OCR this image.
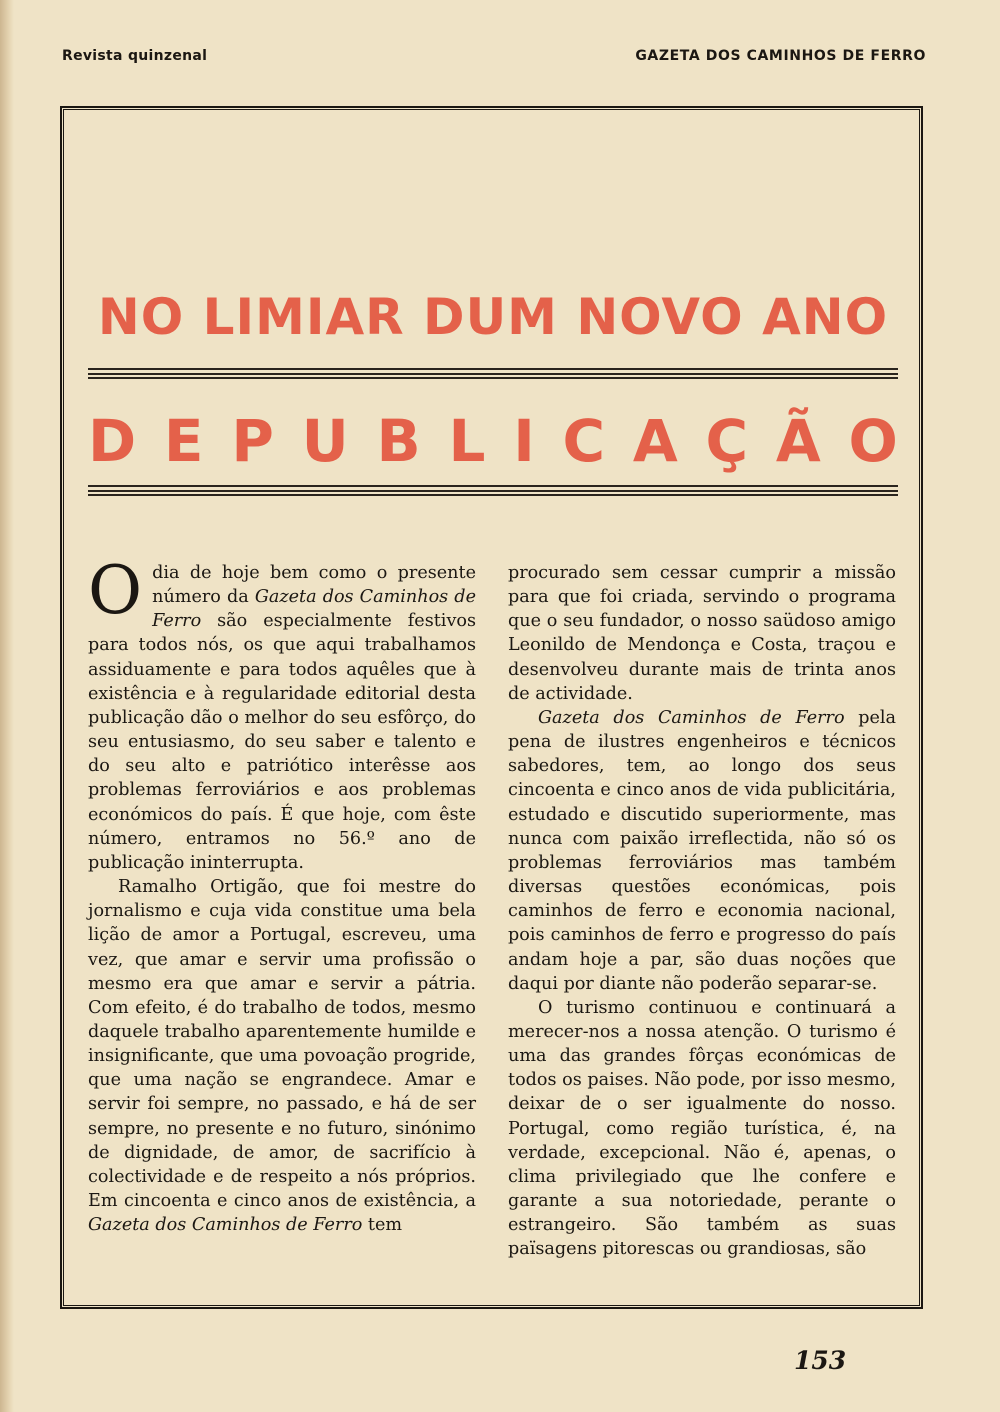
Revista quinzenal	GAZETA DOS CAMINHOS DE FERRO
NO LIMIAR DUM NOVO ANO
D E P U B L I C A Ç Ã O

Odia de hoje bem como o presente número da Gazeta dos Caminhos de Ferro são especialmente festivos para todos nós, os que aqui trabalhamos assiduamente e para todos aquêles que à existência e à regularidade editorial desta publicação dão o melhor do seu esfôrço, do seu entusiasmo, do seu saber e talento e do seu alto e patriótico interêsse aos problemas ferroviários e aos problemas económicos do país. É que hoje, com êste número, entramos no 56.º ano de publicação ininterrupta.

Ramalho Ortigão, que foi mestre do jornalismo e cuja vida constitue uma bela lição de amor a Portugal, escreveu, uma vez, que amar e servir uma profissão o mesmo era que amar e servir a pátria. Com efeito, é do trabalho de todos, mesmo daquele trabalho aparentemente humilde e insignificante, que uma povoação progride, que uma nação se engrandece. Amar e servir foi sempre, no passado, e há de ser sempre, no presente e no futuro, sinónimo de dignidade, de amor, de sacrifício à colectividade e de respeito a nós próprios. Em cincoenta e cinco anos de existência, a Gazeta dos Caminhos de Ferro tem

procurado sem cessar cumprir a missão para que foi criada, servindo o programa que o seu fundador, o nosso saüdoso amigo Leonildo de Mendonça e Costa, traçou e desenvolveu durante mais de trinta anos de actividade.

Gazeta dos Caminhos de Ferro pela pena de ilustres engenheiros e técnicos sabedores, tem, ao longo dos seus cincoenta e cinco anos de vida publicitária, estudado e discutido superiormente, mas nunca com paixão irreflectida, não só os problemas ferroviários mas também diversas questões económicas, pois caminhos de ferro e economia nacional, pois caminhos de ferro e progresso do país andam hoje a par, são duas noções que daqui por diante não poderão separar-se.

O turismo continuou e continuará a merecer-nos a nossa atenção. O turismo é uma das grandes fôrças económicas de todos os paises. Não pode, por isso mesmo, deixar de o ser igualmente do nosso. Portugal, como região turística, é, na verdade, excepcional. Não é, apenas, o clima privilegiado que lhe confere e garante a sua notoriedade, perante o estrangeiro. São também as suas païsagens pitorescas ou grandiosas, são

153
